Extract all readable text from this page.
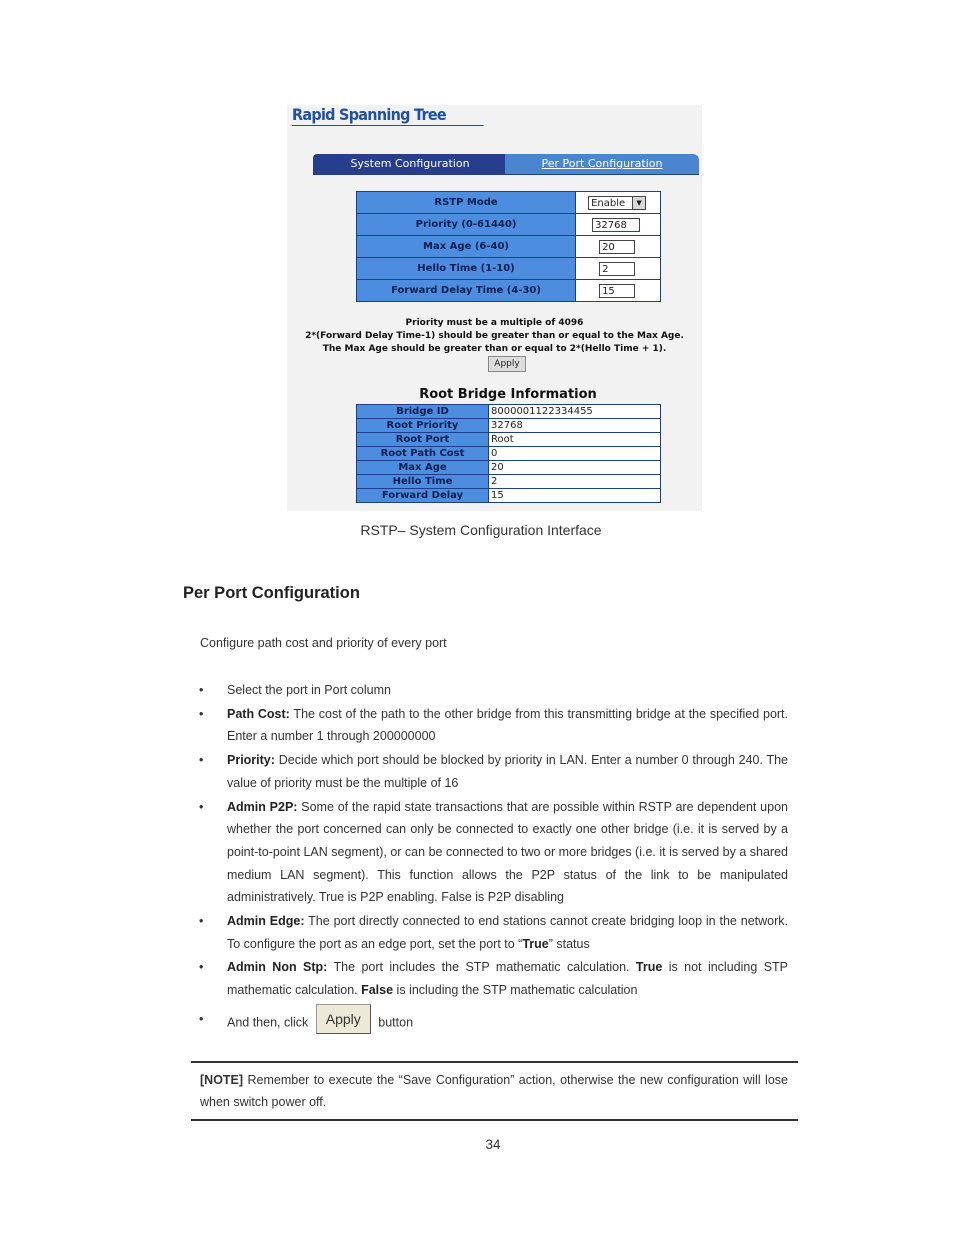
Rapid Spanning Tree
System Configuration	Per Port Configuration
RSTP Mode	Enable ▼

Priority (0-61440)	32768
Max Age (6-40)	20
Hello Time (1-10)	2
Forward Delay Time (4-30)	15
Priority must be a multiple of 4096
2*(Forward Delay Time-1) should be greater than or equal to the Max Age.
The Max Age should be greater than or equal to 2*(Hello Time + 1).
Apply
Root Bridge Information
Bridge ID	8000001122334455
Root Priority	32768
Root Port	Root
Root Path Cost	0
Max Age	20
Hello Time	2
Forward Delay	15
RSTP– System Configuration Interface
Per Port Configuration
Configure path cost and priority of every port
• Select the port in Port column
• Path Cost: The cost of the path to the other bridge from this transmitting bridge at the specified port. Enter a number 1 through 200000000
• Priority: Decide which port should be blocked by priority in LAN. Enter a number 0 through 240. The value of priority must be the multiple of 16
• Admin P2P: Some of the rapid state transactions that are possible within RSTP are dependent upon whether the port concerned can only be connected to exactly one other bridge (i.e. it is served by a point-to-point LAN segment), or can be connected to two or more bridges (i.e. it is served by a shared medium LAN segment). This function allows the P2P status of the link to be manipulated administratively. True is P2P enabling. False is P2P disabling
• Admin Edge: The port directly connected to end stations cannot create bridging loop in the network. To configure the port as an edge port, set the port to “True” status
• Admin Non Stp: The port includes the STP mathematic calculation. True is not including STP mathematic calculation. False is including the STP mathematic calculation
• And then, click Apply button
[NOTE] Remember to execute the “Save Configuration” action, otherwise the new configuration will lose when switch power off.
34
